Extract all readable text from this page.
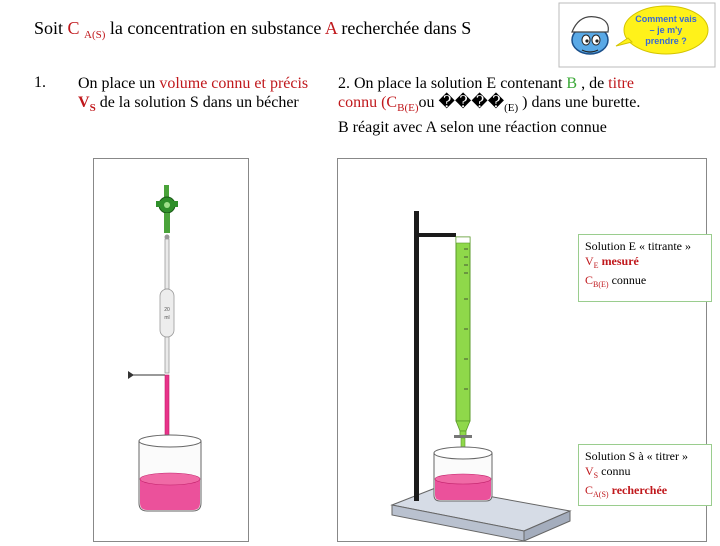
Soit C $_{A(S)}$ la concentration en substance A recherchée dans S	Comment vais
– je m'y
prendre ?
1. On place un volume connu et précis $V_S$ de la solution S dans un bécher
2. On place la solution E contenant B , de titre
connu ($C_{B(E)}ou$ $����_{(E)}$ ) dans une burette.
B réagit avec A selon une réaction connue
20
ml
Solution E « titrante »
$V_E$ mesuré
$C_{B(E)}$ connue
Solution S à « titrer »
$V_S$ connu
$C_{A(S)}$ recherchée
